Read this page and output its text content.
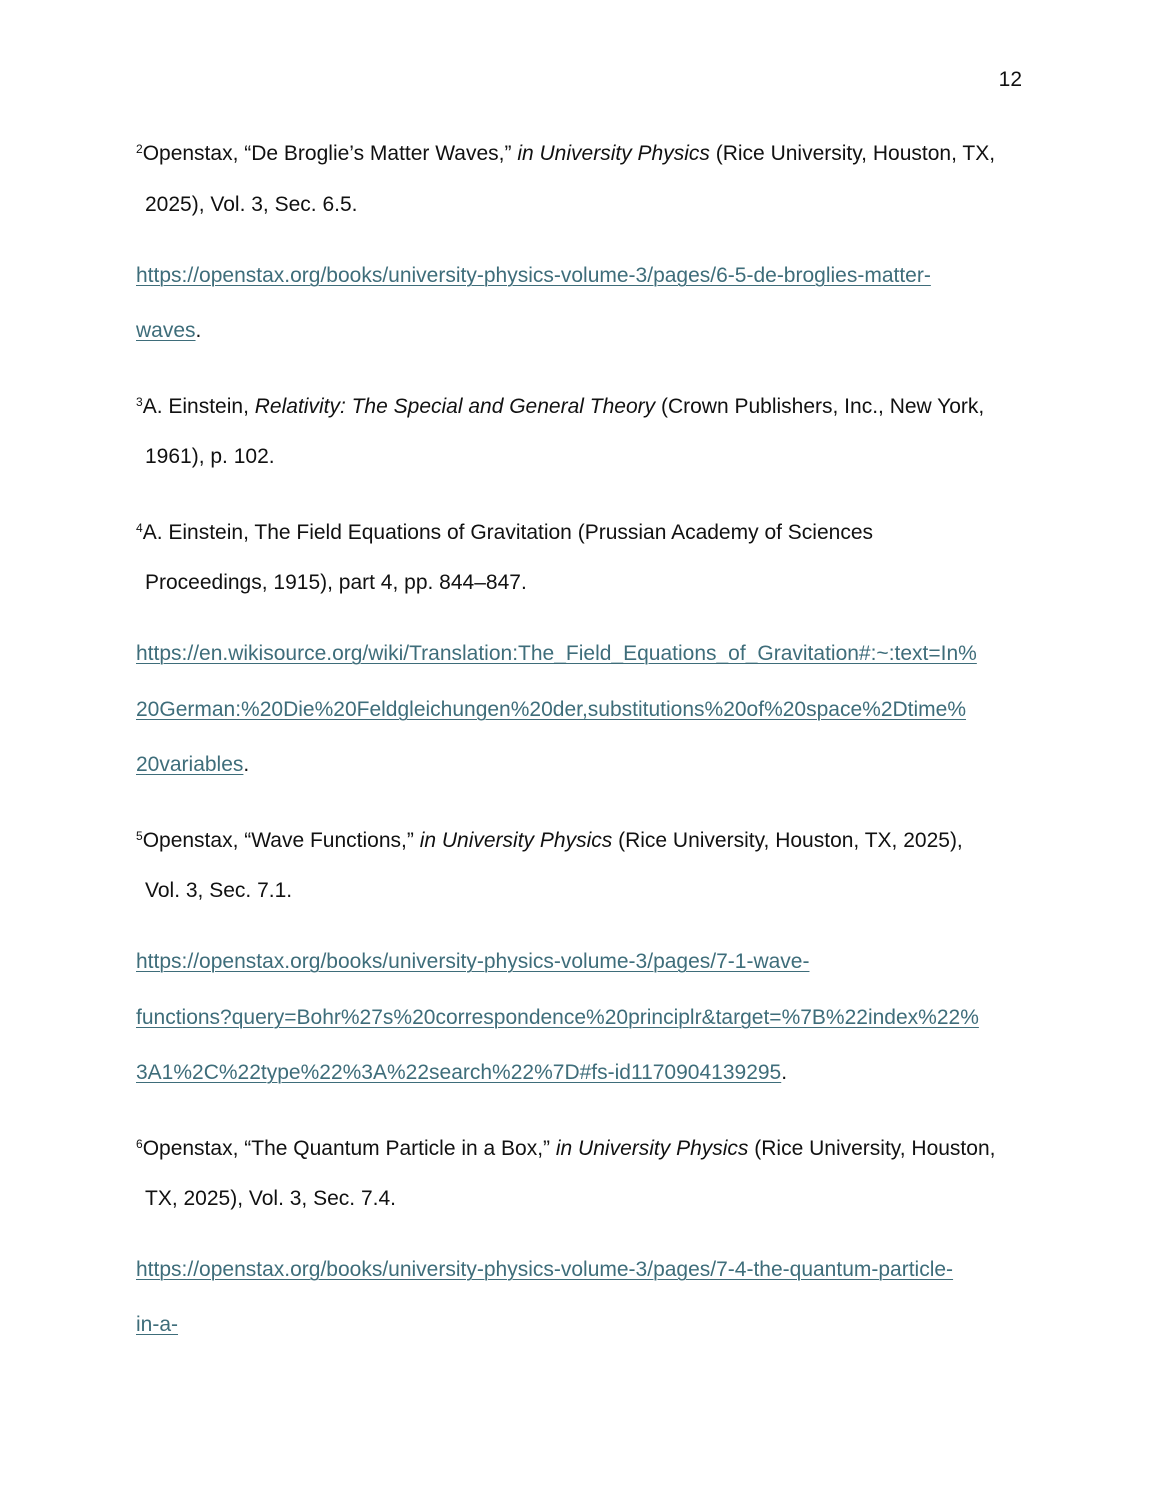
12
$^2$Openstax, “De Broglie’s Matter Waves,” in University Physics (Rice University, Houston, TX,
2025), Vol. 3, Sec. 6.5.
https://openstax.org/books/university-physics-volume-3/pages/6-5-de-broglies-matter-
waves.
$^3$A. Einstein, Relativity: The Special and General Theory (Crown Publishers, Inc., New York,
1961), p. 102.
$^4$A. Einstein, The Field Equations of Gravitation (Prussian Academy of Sciences
Proceedings, 1915), part 4, pp. 844–847.
https://en.wikisource.org/wiki/Translation:The_Field_Equations_of_Gravitation#:~:text=In%
20German:%20Die%20Feldgleichungen%20der,substitutions%20of%20space%2Dtime%
20variables.
$^5$Openstax, “Wave Functions,” in University Physics (Rice University, Houston, TX, 2025),
Vol. 3, Sec. 7.1.
https://openstax.org/books/university-physics-volume-3/pages/7-1-wave-
functions?query=Bohr%27s%20correspondence%20principlr&target=%7B%22index%22%
3A1%2C%22type%22%3A%22search%22%7D#fs-id1170904139295.
$^6$Openstax, “The Quantum Particle in a Box,” in University Physics (Rice University, Houston,
TX, 2025), Vol. 3, Sec. 7.4.
https://openstax.org/books/university-physics-volume-3/pages/7-4-the-quantum-particle-
in-a-
